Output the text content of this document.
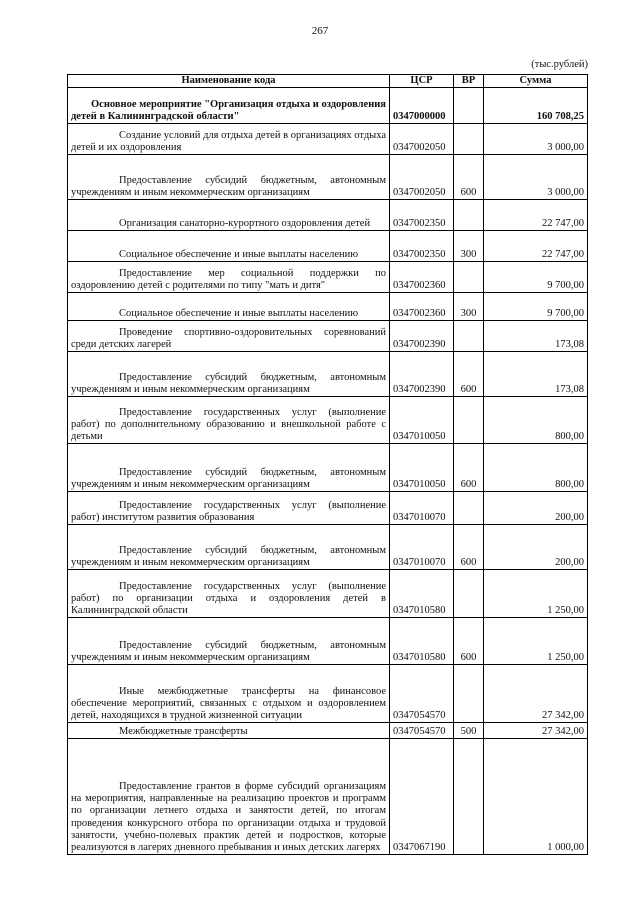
267
(тыс.рублей)
Наименование кода	ЦСР	ВР	Сумма

Основное мероприятие "Организация отдыха и оздоровления детей в Калининградской области"	0347000000		160 708,25

Создание условий для отдыха детей в организациях отдыха детей и их оздоровления	0347002050		3 000,00

Предоставление субсидий бюджетным, автономным учреждениям и иным некоммерческим организациям	0347002050	600	3 000,00

Организация санаторно-курортного оздоровления детей	0347002350		22 747,00

Социальное обеспечение и иные выплаты населению	0347002350	300	22 747,00

Предоставление мер социальной поддержки по оздоровлению детей с родителями по типу "мать и дитя"	0347002360		9 700,00

Социальное обеспечение и иные выплаты населению	0347002360	300	9 700,00

Проведение спортивно-оздоровительных соревнований среди детских лагерей	0347002390		173,08

Предоставление субсидий бюджетным, автономным учреждениям и иным некоммерческим организациям	0347002390	600	173,08

Предоставление государственных услуг (выполнение работ) по дополнительному образованию и внешкольной работе с детьми	0347010050		800,00

Предоставление субсидий бюджетным, автономным учреждениям и иным некоммерческим организациям	0347010050	600	800,00

Предоставление государственных услуг (выполнение работ) институтом развития образования	0347010070		200,00

Предоставление субсидий бюджетным, автономным учреждениям и иным некоммерческим организациям	0347010070	600	200,00

Предоставление государственных услуг (выполнение работ) по организации отдыха и оздоровления детей в Калининградской области	0347010580		1 250,00

Предоставление субсидий бюджетным, автономным учреждениям и иным некоммерческим организациям	0347010580	600	1 250,00

Иные межбюджетные трансферты на финансовое обеспечение мероприятий, связанных с отдыхом и оздоровлением детей, находящихся в трудной жизненной ситуации	0347054570		27 342,00

Межбюджетные трансферты	0347054570	500	27 342,00

Предоставление грантов в форме субсидий организациям на мероприятия, направленные на реализацию проектов и программ по организации летнего отдыха и занятости детей, по итогам проведения конкурсного отбора по организации отдыха и трудовой занятости, учебно-полевых практик детей и подростков, которые реализуются в лагерях дневного пребывания и иных детских лагерях	0347067190		1 000,00
